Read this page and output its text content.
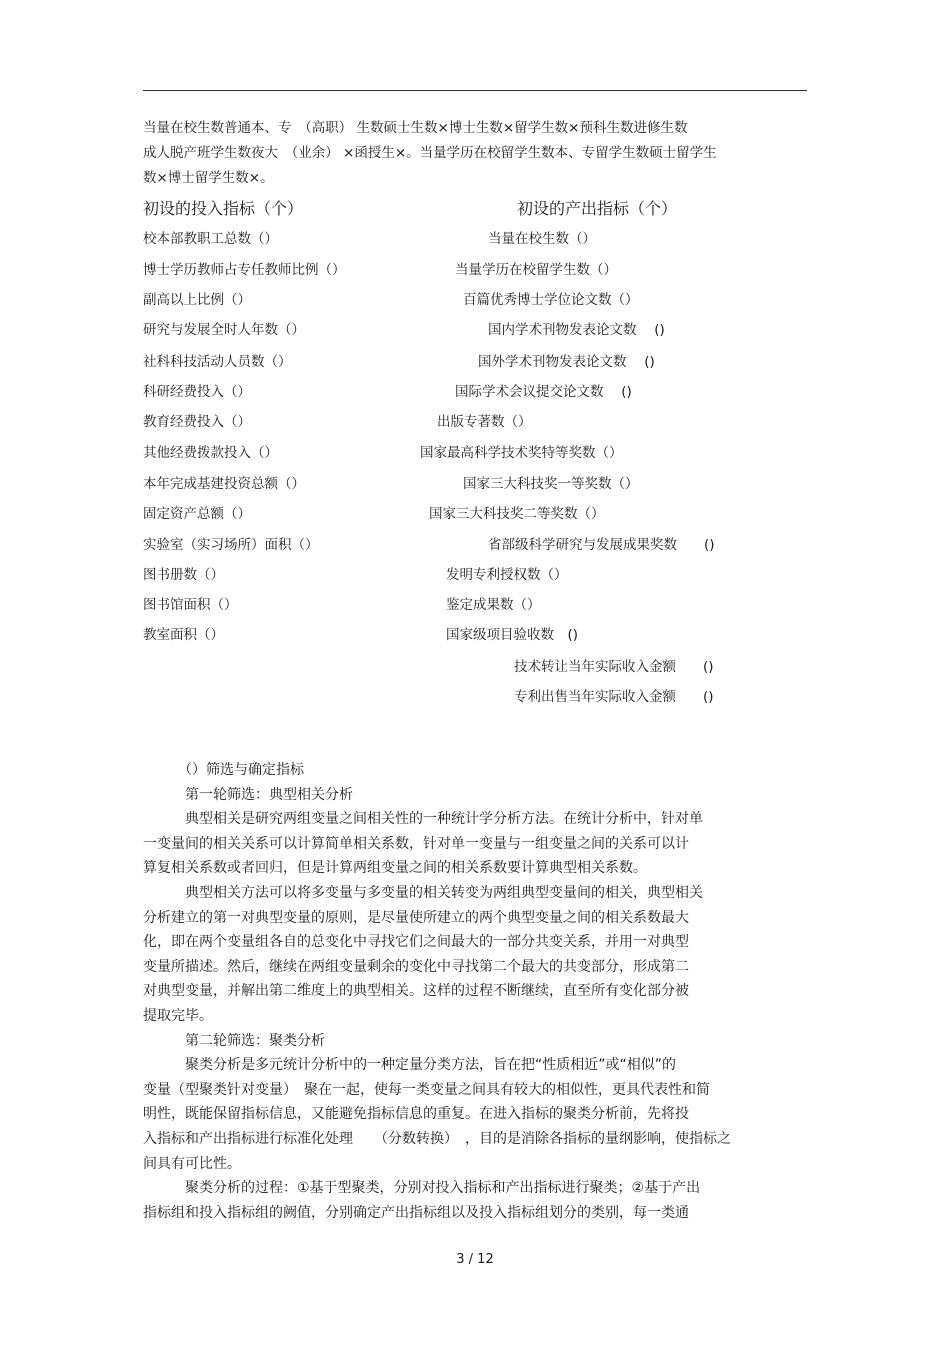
当量在校生数普通本、专　（高职） 生数硕士生数×博士生数×留学生数×预科生数进修生数
成人脱产班学生数夜大　（业余） ×函授生×。当量学历在校留学生数本、专留学生数硕士留学生
数×博士留学生数×。
初设的投入指标（个）	初设的产出指标（个）
校本部教职工总数（）
博士学历教师占专任教师比例（）
副高以上比例（）
研究与发展全时人年数（）
社科科技活动人员数（）
科研经费投入（）
教育经费投入（）
其他经费拨款投入（）
本年完成基建投资总额（）
固定资产总额（）
实验室（实习场所）面积（）
图书册数（）
图书馆面积（）
教室面积（）
当量在校生数（）
当量学历在校留学生数（）
百篇优秀博士学位论文数（）
国内学术刊物发表论文数　 ()
国外学术刊物发表论文数　 ()
国际学术会议提交论文数　 ()
出版专著数（）
国家最高科学技术奖特等奖数（）
国家三大科技奖一等奖数（）
国家三大科技奖二等奖数（）
省部级科学研究与发展成果奖数　　()
发明专利授权数（）
鉴定成果数（）
国家级项目验收数　()
技术转让当年实际收入金额　　()
专利出售当年实际收入金额　　()
　　　（）筛选与确定指标
　　　第一轮筛选：典型相关分析
　　　典型相关是研究两组变量之间相关性的一种统计学分析方法。在统计分析中，针对单
一变量间的相关关系可以计算简单相关系数，针对单一变量与一组变量之间的关系可以计
算复相关系数或者回归，但是计算两组变量之间的相关系数要计算典型相关系数。
　　　典型相关方法可以将多变量与多变量的相关转变为两组典型变量间的相关，典型相关
分析建立的第一对典型变量的原则，是尽量使所建立的两个典型变量之间的相关系数最大
化，即在两个变量组各自的总变化中寻找它们之间最大的一部分共变关系，并用一对典型
变量所描述。然后，继续在两组变量剩余的变化中寻找第二个最大的共变部分，形成第二
对典型变量，并解出第二维度上的典型相关。这样的过程不断继续，直至所有变化部分被
提取完毕。
　　　第二轮筛选：聚类分析
　　　聚类分析是多元统计分析中的一种定量分类方法，旨在把“性质相近”或“相似”的
变量（型聚类针对变量）　聚在一起，使每一类变量之间具有较大的相似性，更具代表性和简
明性，既能保留指标信息，又能避免指标信息的重复。在进入指标的聚类分析前，先将投
入指标和产出指标进行标准化处理　　（分数转换）　，目的是消除各指标的量纲影响，使指标之
间具有可比性。
　　　聚类分析的过程：①基于型聚类，分别对投入指标和产出指标进行聚类；②基于产出
指标组和投入指标组的阙值，分别确定产出指标组以及投入指标组划分的类别，每一类通
3 / 12
